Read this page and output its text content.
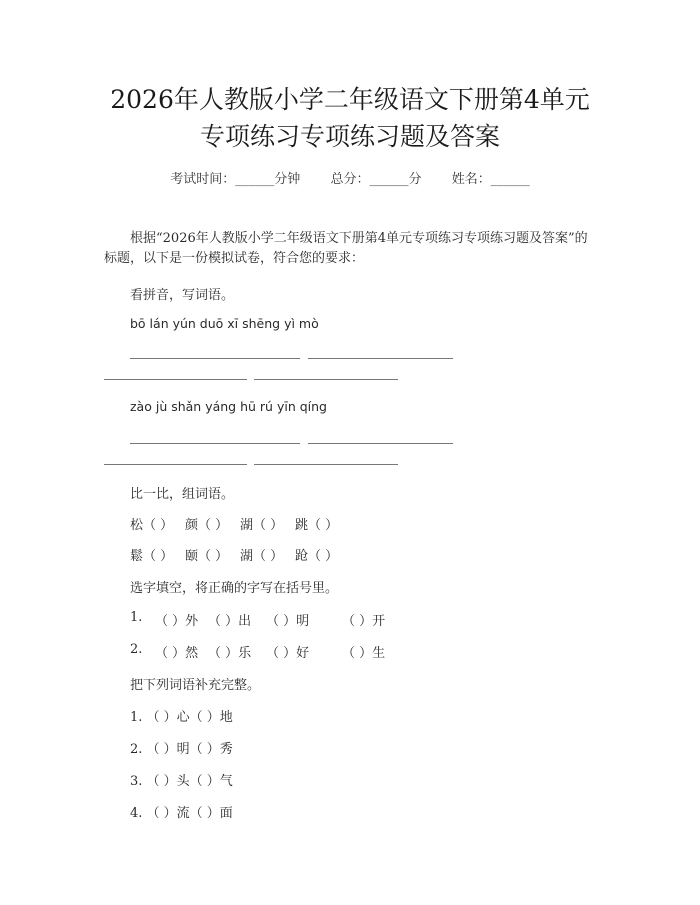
2026年人教版小学二年级语文下册第4单元
专项练习专项练习题及答案
考试时间：______分钟 总分：______分 姓名：______
根据“2026年人教版小学二年级语文下册第4单元专项练习专项练习题及答案”的标题，以下是一份模拟试卷，符合您的要求：
看拼音，写词语。
bō lán yún duō xī shēng yì mò
zào jù shǎn yáng hū rú yīn qíng
比一比，组词语。
松（ ） 颜（ ） 湖（ ） 跳（ ）
鬆（ ） 颐（ ） 湖（ ） 跄（ ）
选字填空，将正确的字写在括号里。
1. （ ）外 （ ）出 （ ）明	（ ）开
2. （ ）然 （ ）乐 （ ）好	（ ）生
把下列词语补充完整。
1. （ ）心（ ）地
2. （ ）明（ ）秀
3. （ ）头（ ）气
4. （ ）流（ ）面
